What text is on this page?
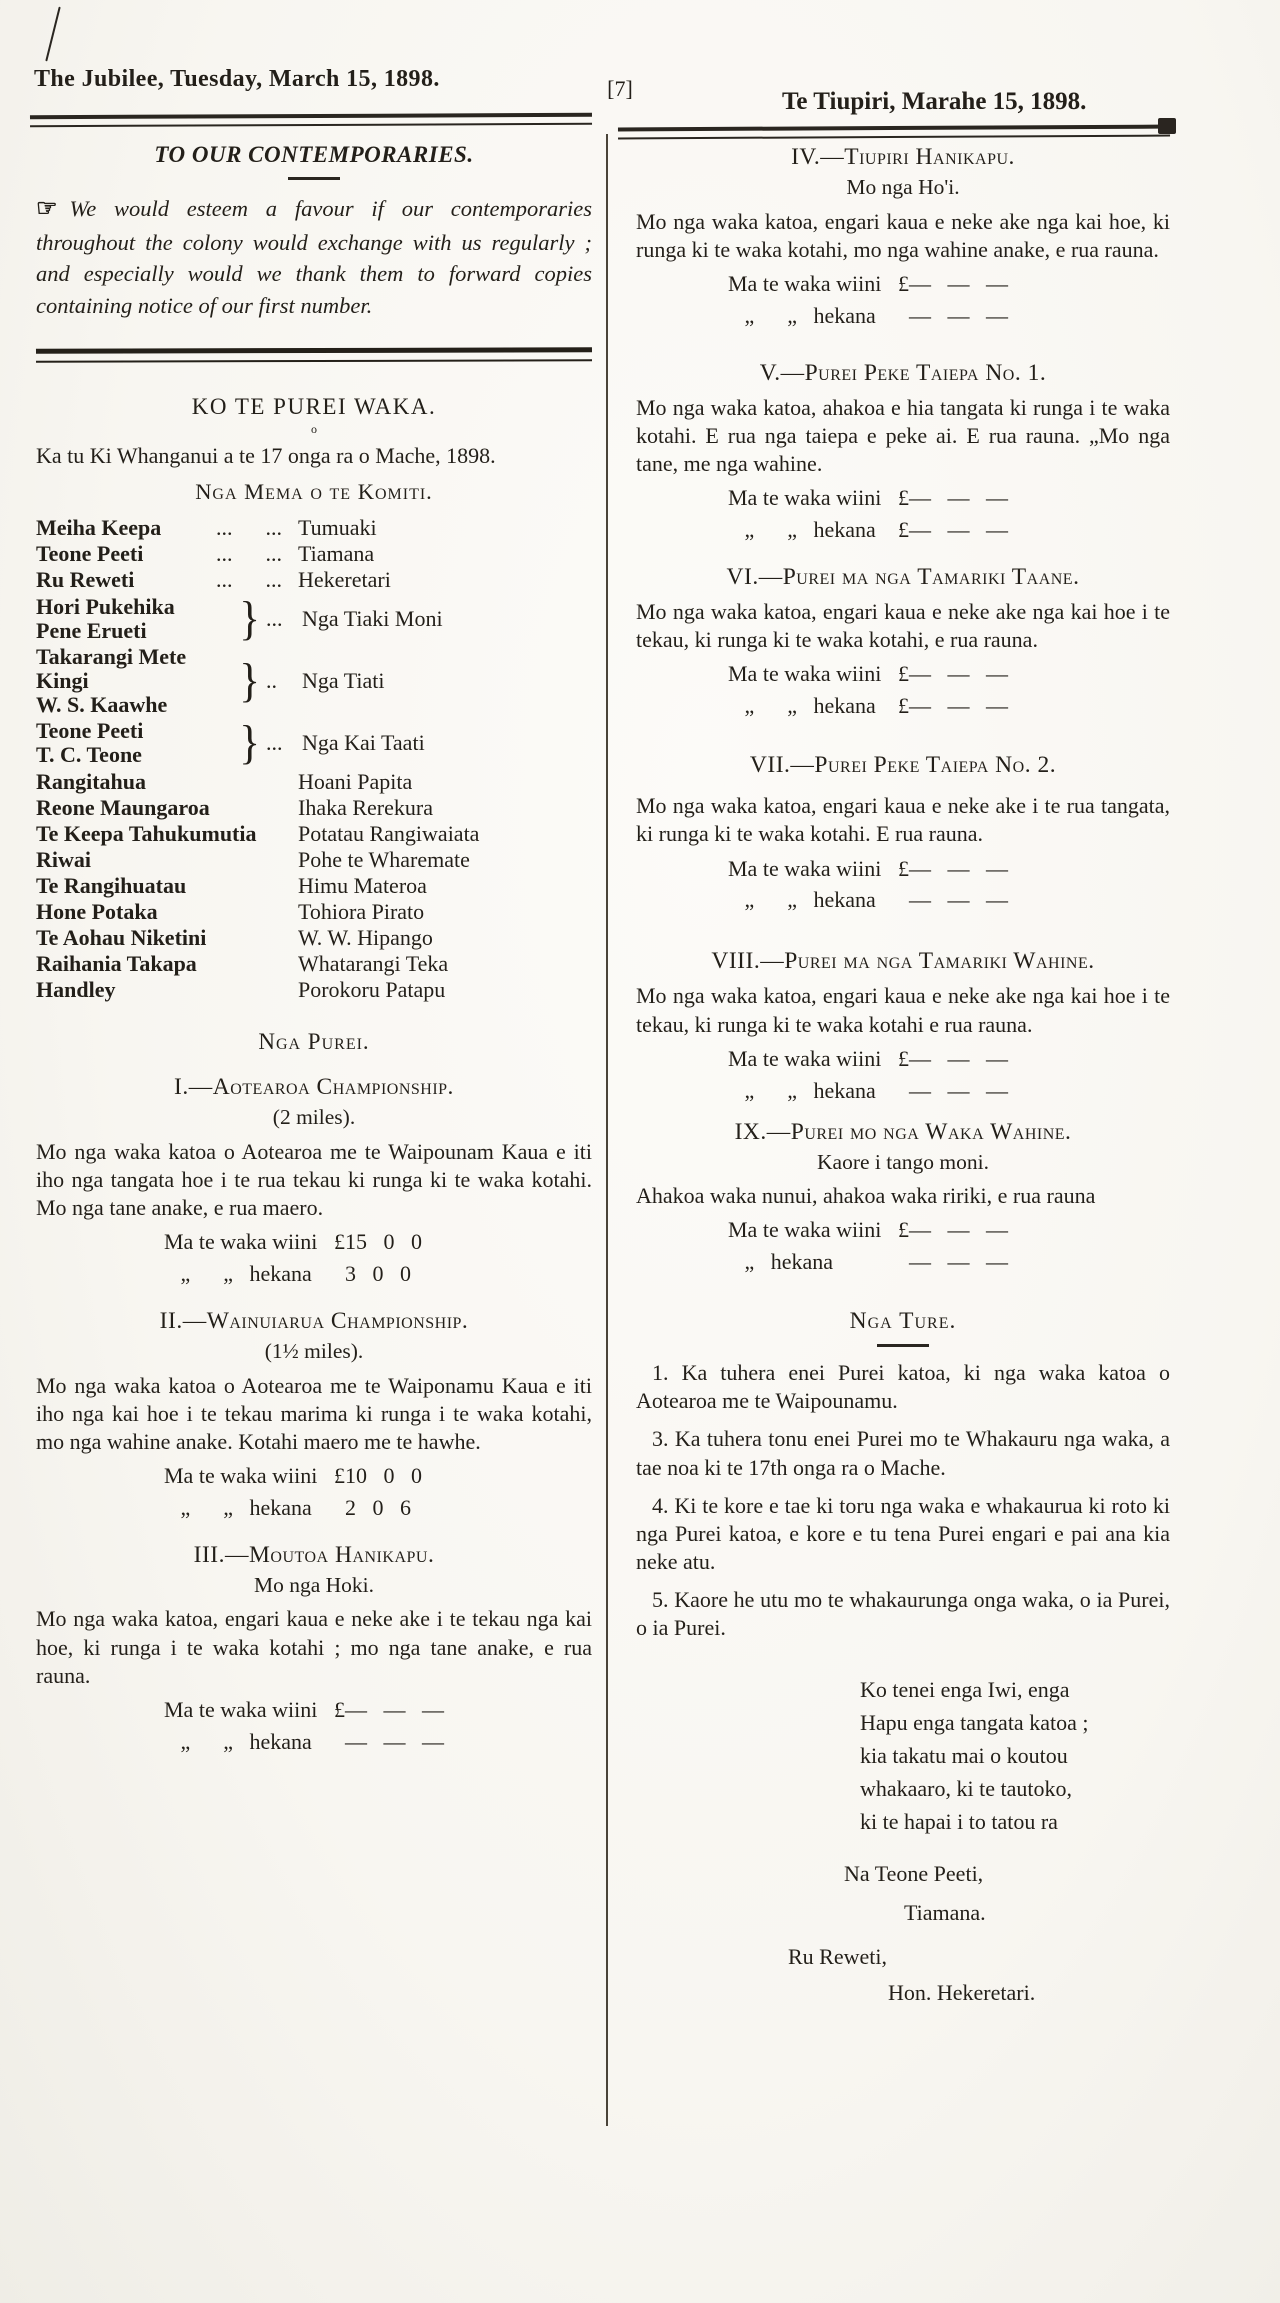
The Jubilee, Tuesday, March 15, 1898.	[7]	Te Tiupiri, Marahe 15, 1898.
TO OUR CONTEMPORARIES.

☞ We would esteem a favour if our contemporaries throughout the colony would exchange with us regularly ; and especially would we thank them to forward copies containing notice of our first number.

KO TE PUREI WAKA.
o

Ka tu Ki Whanganui a te 17 onga ra o Mache, 1898.

Nga Mema o te Komiti.
Meiha Keepa ...      ... Tumuaki
Teone Peeti	...      ... Tiamana
Ru Reweti	...      ... Hekeretari
Hori Pukehika
Pene Erueti	} ... Nga Tiaki Moni
Takarangi Mete Kingi
W. S. Kaawhe	} ..	Nga Tiati
Teone Peeti
T. C. Teone	} ... Nga Kai Taati
Rangitahua	Hoani Papita
Reone Maungaroa	Ihaka Rerekura
Te Keepa Tahukumutia	Potatau Rangiwaiata
Riwai	Pohe te Wharemate
Te Rangihuatau	Himu Materoa
Hone Potaka	Tohiora Pirato
Te Aohau Niketini	W. W. Hipango
Raihania Takapa	Whatarangi Teka
Handley	Porokoru Patapu
Nga Purei.
I.—Aotearoa Championship.
(2 miles).

Mo nga waka katoa o Aotearoa me te Waipounam Kaua e iti iho nga tangata hoe i te rua tekau ki runga ki te waka kotahi. Mo nga tane anake, e rua maero.

Ma te waka wiini £15   0   0
„      „   hekana	3   0   0
II.—Wainuiarua Championship.
(1½ miles).

Mo nga waka katoa o Aotearoa me te Waiponamu Kaua e iti iho nga kai hoe i te tekau marima ki runga i te waka kotahi, mo nga wahine anake. Kotahi maero me te hawhe.

Ma te waka wiini £10   0   0
„      „   hekana	2   0   6
III.—Moutoa Hanikapu.
Mo nga Hoki.

Mo nga waka katoa, engari kaua e neke ake i te tekau nga kai hoe, ki runga i te waka kotahi ; mo nga tane anake, e rua rauna.

Ma te waka wiini £—   —   —
„      „   hekana	—   —   —
IV.—Tiupiri Hanikapu.
Mo nga Ho'i.

Mo nga waka katoa, engari kaua e neke ake nga kai hoe, ki runga ki te waka kotahi, mo nga wahine anake, e rua rauna.

Ma te waka wiini £—   —   —
„      „   hekana	—   —   —
V.—Purei Peke Taiepa No. 1.

Mo nga waka katoa, ahakoa e hia tangata ki runga i te waka kotahi. E rua nga taiepa e peke ai. E rua rauna. „Mo nga tane, me nga wahine.

Ma te waka wiini £—   —   —
„      „   hekana	£—   —   —
VI.—Purei ma nga Tamariki Taane.

Mo nga waka katoa, engari kaua e neke ake nga kai hoe i te tekau, ki runga ki te waka kotahi, e rua rauna.

Ma te waka wiini £—   —   —
„      „   hekana	£—   —   —
VII.—Purei Peke Taiepa No. 2.

Mo nga waka katoa, engari kaua e neke ake i te rua tangata, ki runga ki te waka kotahi. E rua rauna.

Ma te waka wiini £—   —   —
„      „   hekana	—   —   —
VIII.—Purei ma nga Tamariki Wahine.

Mo nga waka katoa, engari kaua e neke ake nga kai hoe i te tekau, ki runga ki te waka kotahi e rua rauna.

Ma te waka wiini £—   —   —
„      „   hekana	—   —   —
IX.—Purei mo nga Waka Wahine.
Kaore i tango moni.

Ahakoa waka nunui, ahakoa waka ririki, e rua rauna

Ma te waka wiini £—   —   —
„   hekana	—   —   —
Nga Ture.

1. Ka tuhera enei Purei katoa, ki nga waka katoa o Aotearoa me te Waipounamu.

3. Ka tuhera tonu enei Purei mo te Whakauru nga waka, a tae noa ki te 17th onga ra o Mache.

4. Ki te kore e tae ki toru nga waka e whakaurua ki roto ki nga Purei katoa, e kore e tu tena Purei engari e pai ana kia neke atu.

5. Kaore he utu mo te whakaurunga onga waka, o ia Purei, o ia Purei.

Ko tenei enga Iwi, enga
Hapu enga tangata katoa ;
kia takatu mai o koutou
whakaaro, ki te tautoko,
ki te hapai i to tatou ra
Na Teone Peeti,
Tiamana.
Ru Reweti,
Hon. Hekeretari.
